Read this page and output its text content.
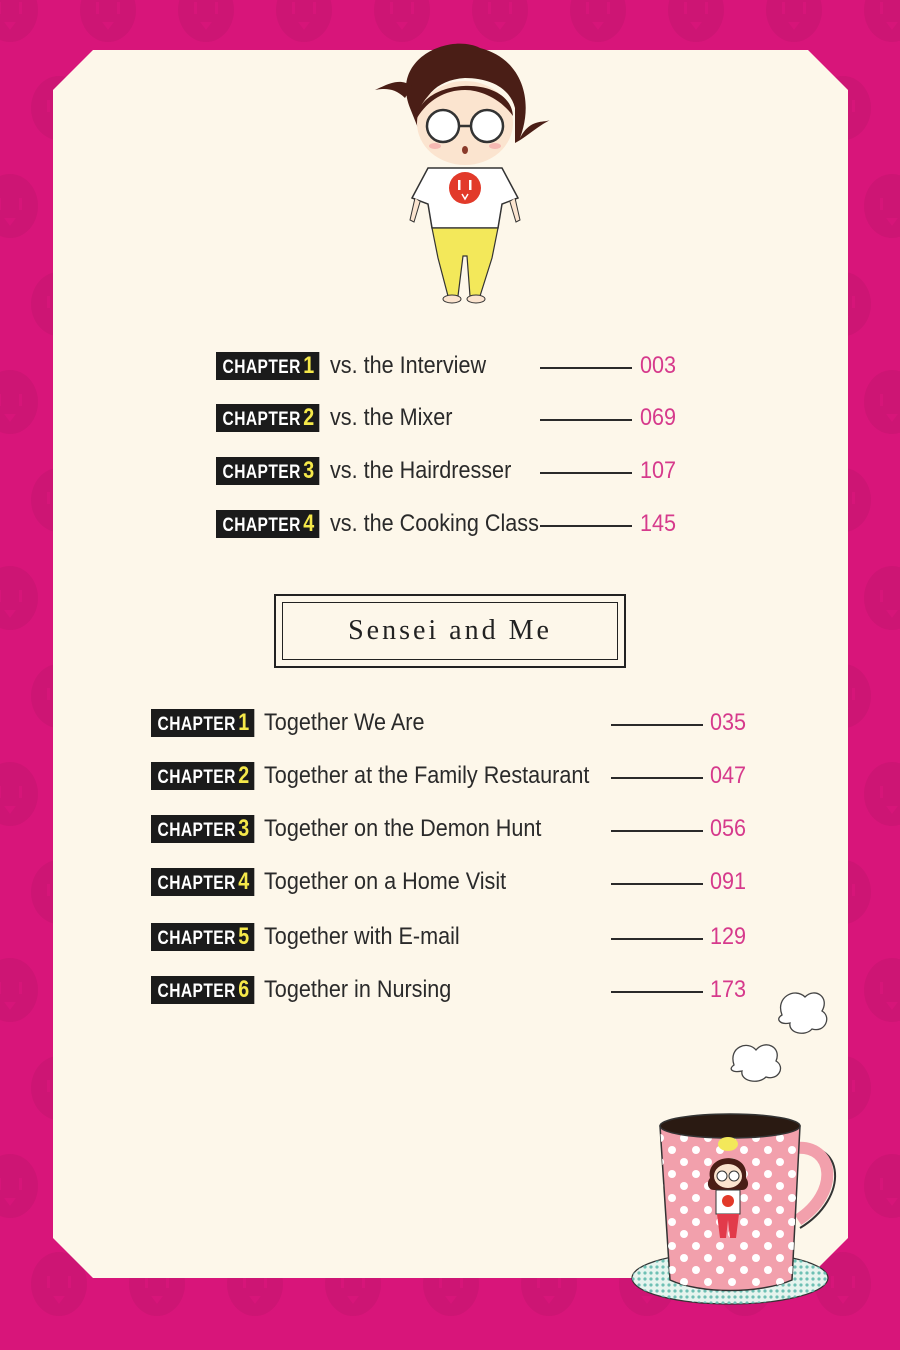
CHAPTER 1 vs. the Interview	003
CHAPTER 2 vs. the Mixer	069
CHAPTER 3 vs. the Hairdresser	107
CHAPTER 4 vs. the Cooking Class	145
Sensei and Me
CHAPTER 1 Together We Are	035
CHAPTER 2 Together at the Family Restaurant	047
CHAPTER 3 Together on the Demon Hunt	056
CHAPTER 4 Together on a Home Visit	091
CHAPTER 5 Together with E-mail	129
CHAPTER 6 Together in Nursing	173
